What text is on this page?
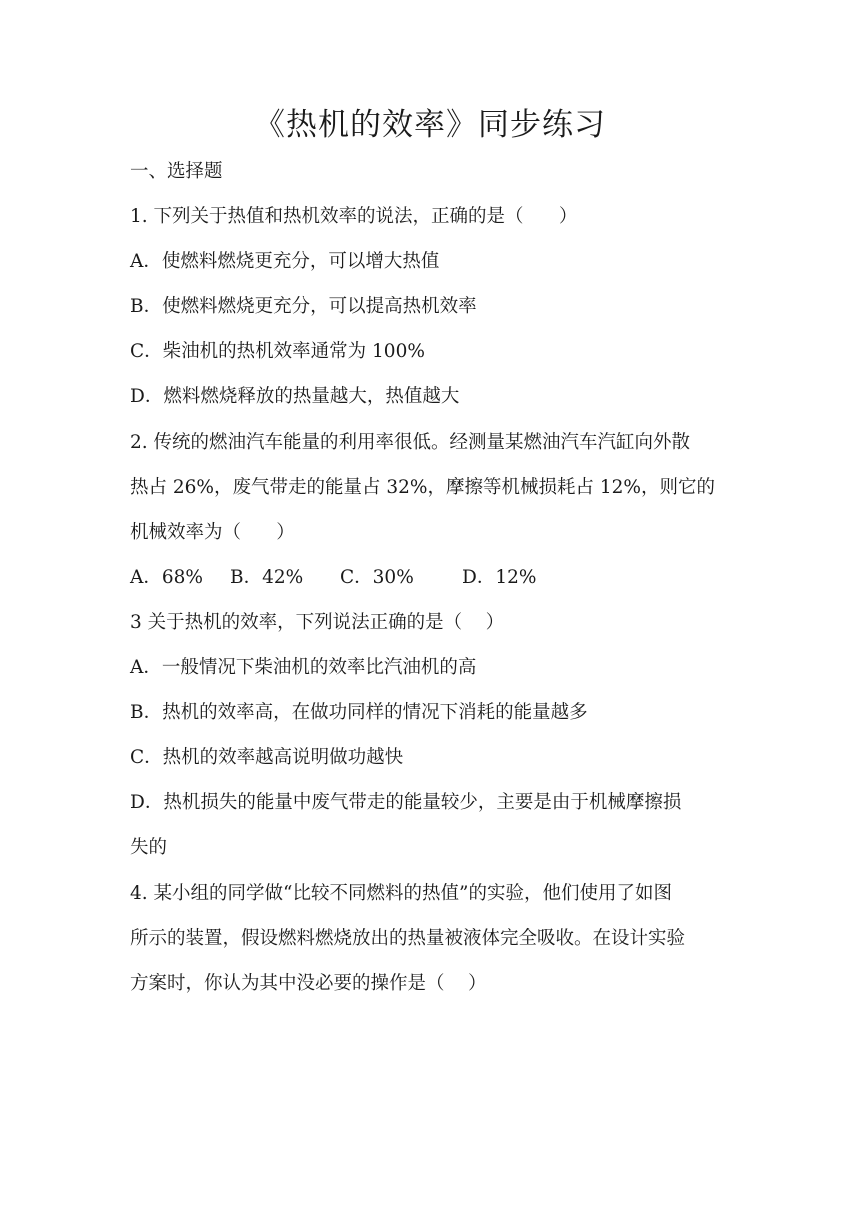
《热机的效率》同步练习
一、选择题
1. 下列关于热值和热机效率的说法，正确的是（      ）
A．使燃料燃烧更充分，可以增大热值
B．使燃料燃烧更充分，可以提高热机效率
C．柴油机的热机效率通常为 100%
D．燃料燃烧释放的热量越大，热值越大
2. 传统的燃油汽车能量的利用率很低。经测量某燃油汽车汽缸向外散
热占 26%，废气带走的能量占 32%，摩擦等机械损耗占 12%，则它的
机械效率为（      ）
A．68% B．42% C．30%	D．12%
3 关于热机的效率，下列说法正确的是（    ）
A．一般情况下柴油机的效率比汽油机的高
B．热机的效率高，在做功同样的情况下消耗的能量越多
C．热机的效率越高说明做功越快
D．热机损失的能量中废气带走的能量较少，主要是由于机械摩擦损
失的
4. 某小组的同学做“比较不同燃料的热值”的实验，他们使用了如图
所示的装置，假设燃料燃烧放出的热量被液体完全吸收。在设计实验
方案时，你认为其中没必要的操作是（    ）
